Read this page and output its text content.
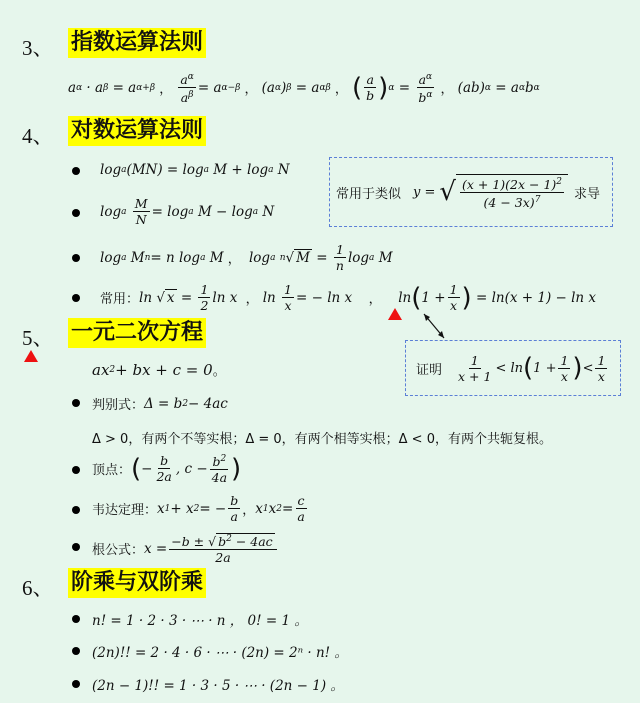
3、 指数运算法则
a α · a β = a α+β ， $\frac{a^\alpha}{a^\beta} = a$ α−β ， (a α ) β = a αβ ， ( $\frac{a}{b}$ ) $\alpha = \frac{a^\alpha}{b^\alpha}$ ， (ab) α = a α b α
4、 对数运算法则
log a (MN) = log a M + log a N
log a
$\frac{M}{N} = \log a$ M − log a N
log a M n = n log a M ， log a
n √ $M = \frac{1}{n}$ log a M
常用： ln √ $x = \frac{1}{2}$ ln x ， $\ln \frac{1}{x}$ = − ln x ， ln ( $1 + \frac{1}{x}$ ) = ln(x + 1) − ln x
常用于类似 y = √ $\frac{(x + 1)(2x - 1)^2}{(4 - 3x)^7}$ 求导
证明 $\frac{1}{x + 1} < \ln$ ( $1 + \frac{1}{x}$ ) < $\frac{1}{x}$
5、 一元二次方程
ax 2 + bx + c = 0 。
判别式： Δ = b 2 − 4ac
Δ > 0，有两个不等实根；Δ = 0，有两个相等实根；Δ < 0，有两个共轭复根。
顶点： ( − $\frac{b}{2a}$ , $c - \frac{b^2}{4a}$ )
韦达定理： x 1 + x 2 = − $\frac{b}{a}$ ， x 1 x $2 = \frac{c}{a}$
根公式： $x = \frac{-b \pm √ b^2 - 4ac}{2a}$
6、 阶乘与双阶乘
n! = 1 · 2 · 3 · ⋯ · n ， 0! = 1 。
(2n)!! = 2 · 4 · 6 · ⋯ · (2n) = 2ⁿ · n! 。
(2n − 1)!! = 1 · 3 · 5 · ⋯ · (2n − 1) 。
